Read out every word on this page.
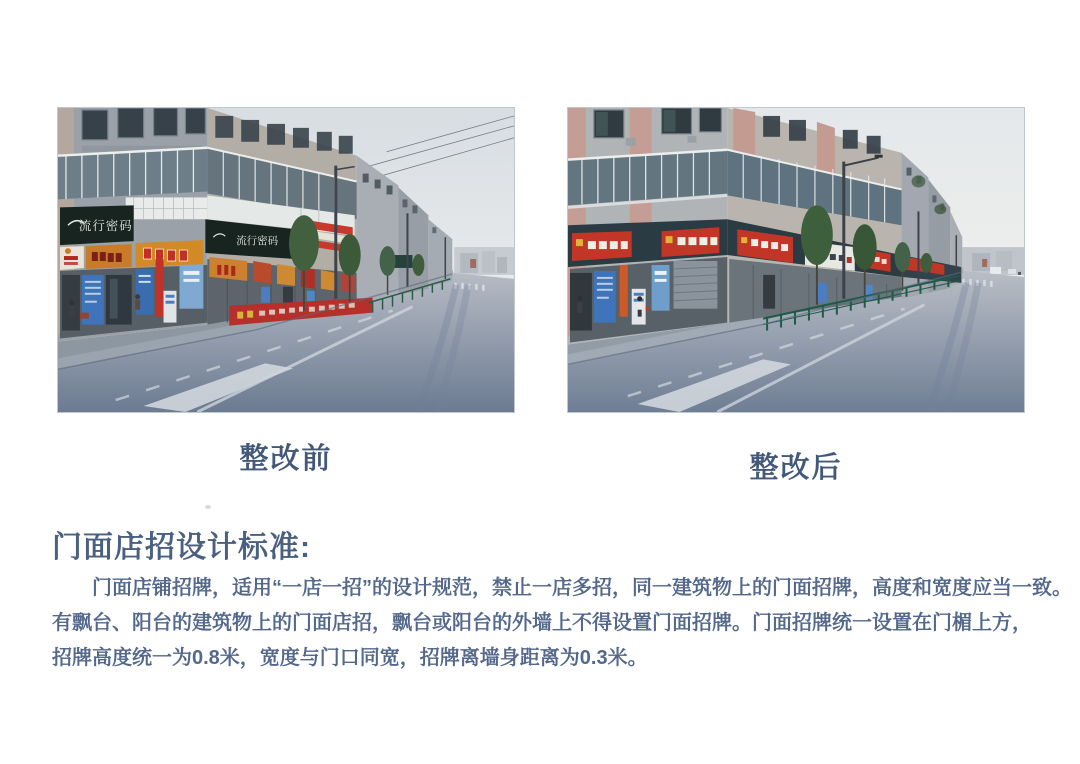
流行密码
流行密码
整改前	整改后
门面店招设计标准:
门面店铺招牌，适用“一店一招”的设计规范，禁止一店多招，同一建筑物上的门面招牌，高度和宽度应当一致。
有飘台、阳台的建筑物上的门面店招，飘台或阳台的外墙上不得设置门面招牌。门面招牌统一设置在门楣上方，
招牌高度统一为0.8米，宽度与门口同宽，招牌离墙身距离为0.3米。
